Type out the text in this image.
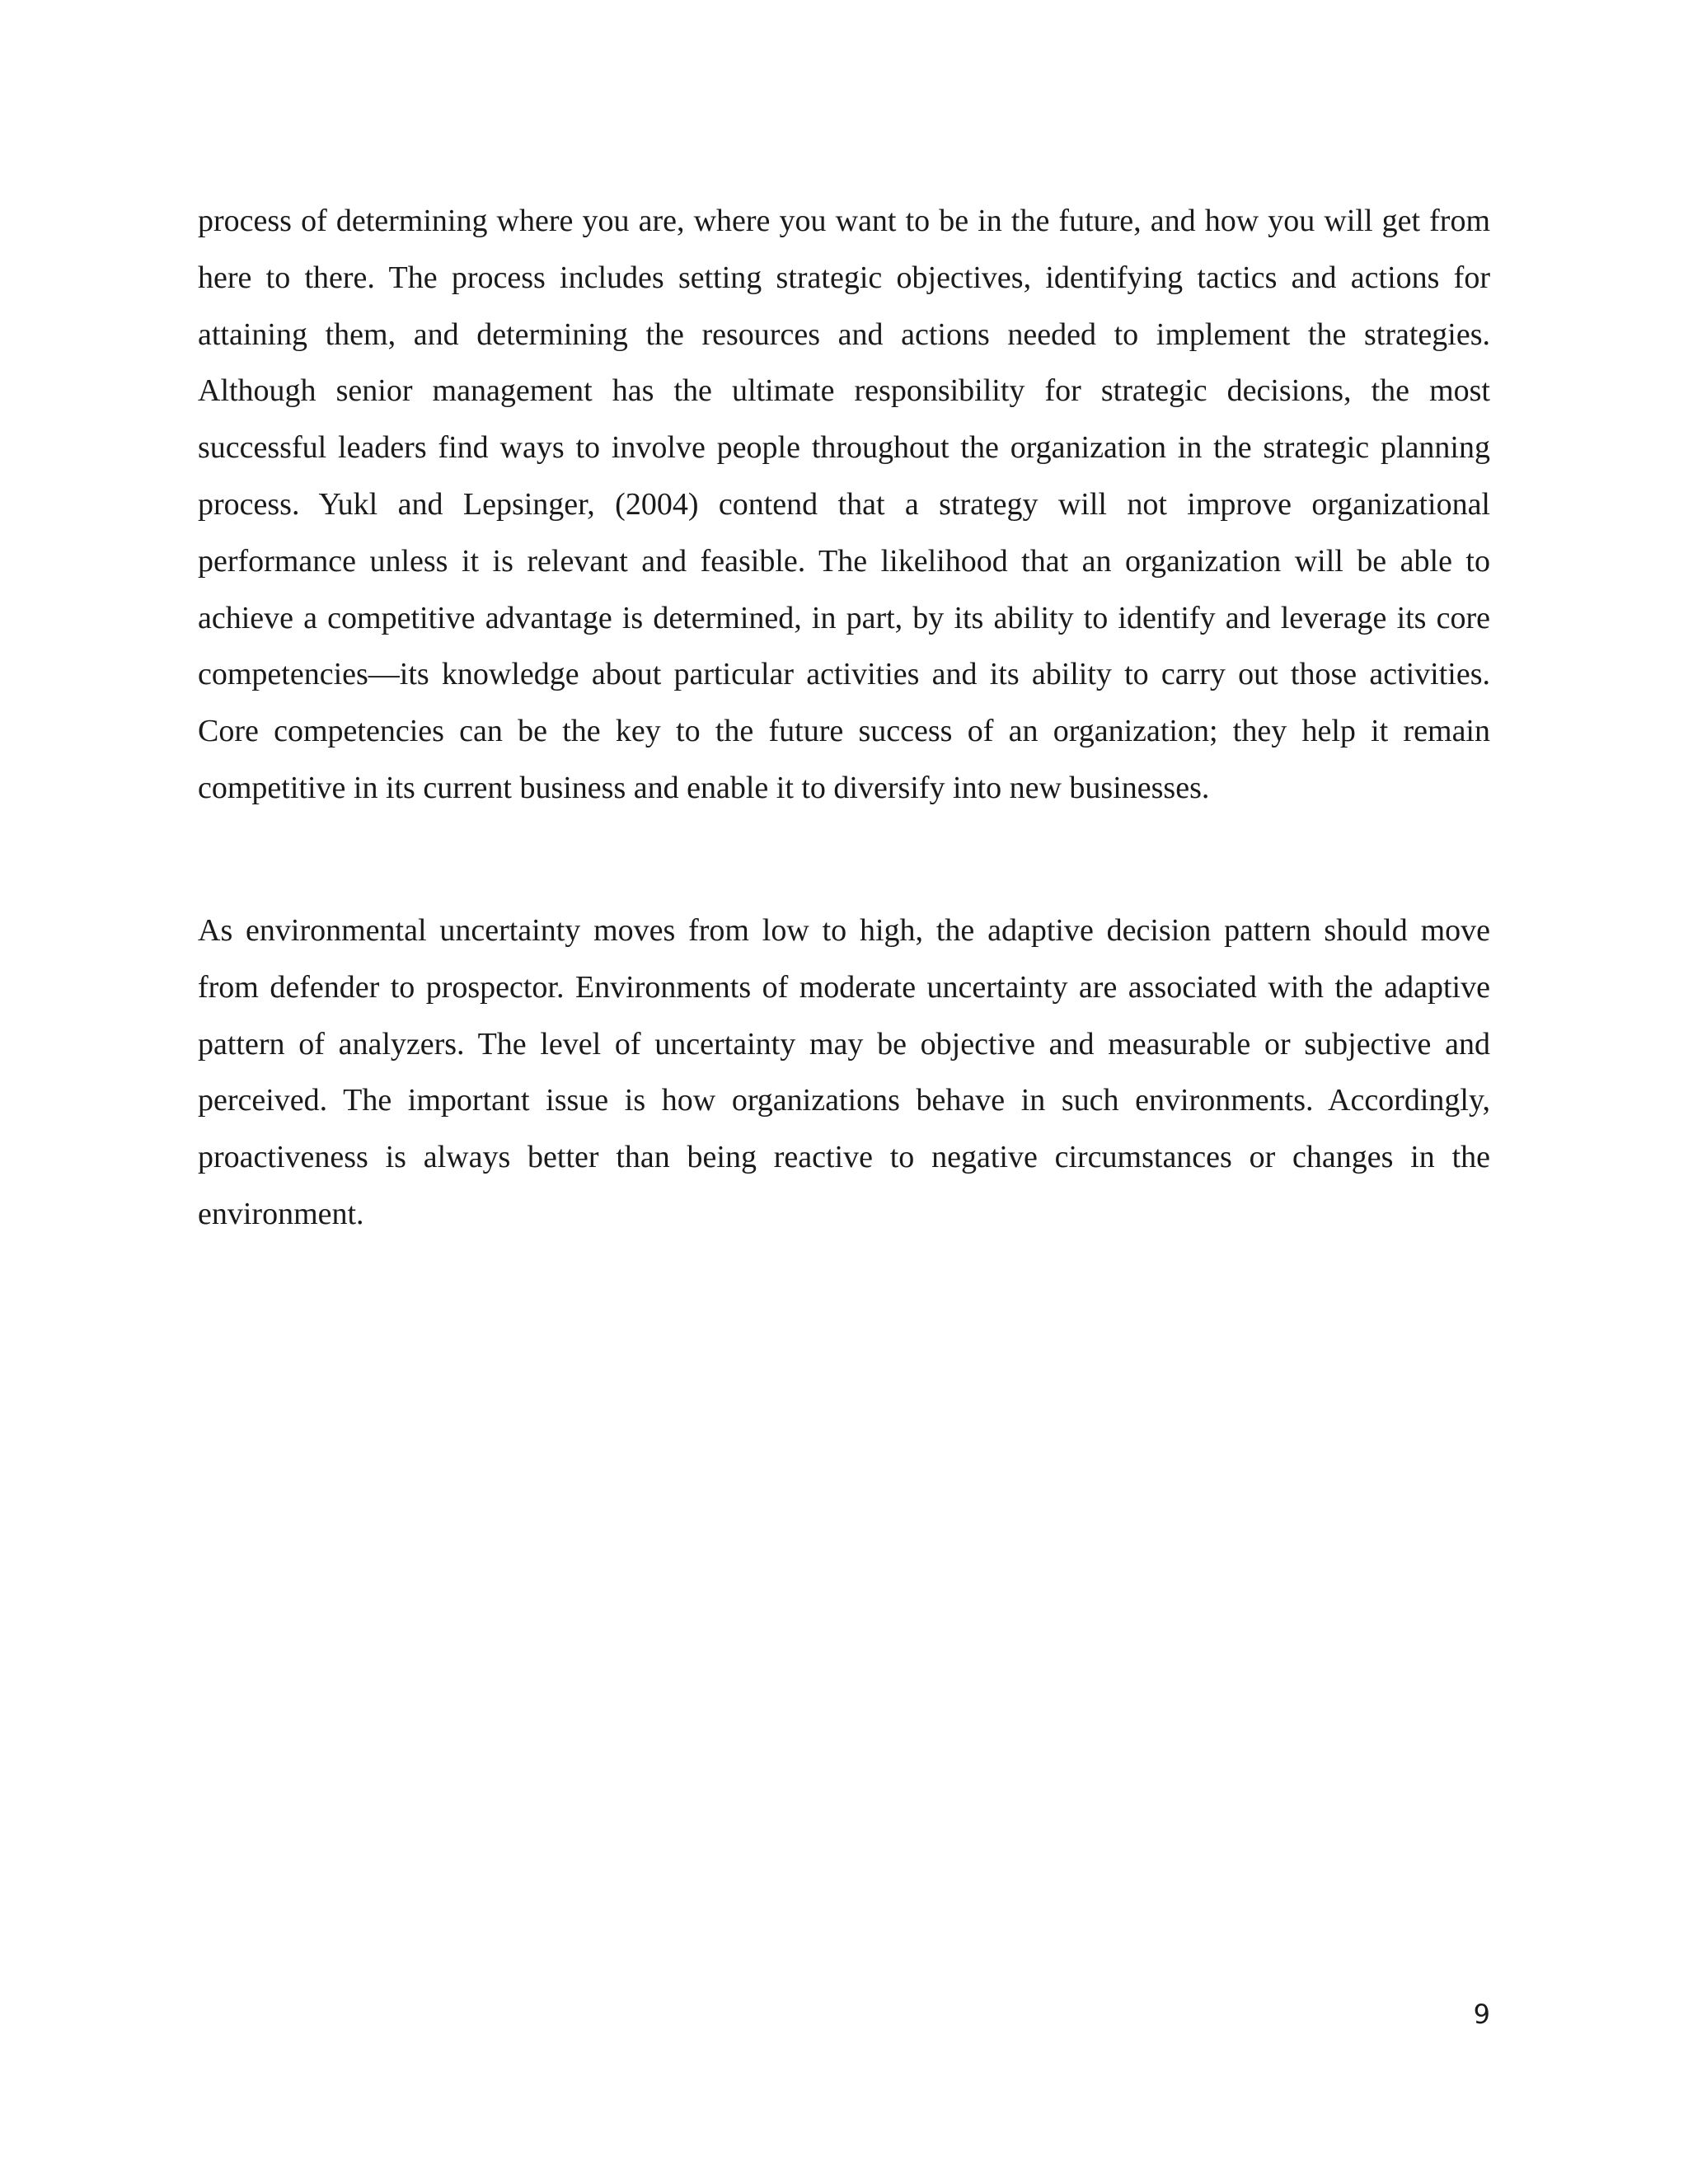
process of determining where you are, where you want to be in the future, and how you will get from here to there. The process includes setting strategic objectives, identifying tactics and actions for attaining them, and determining the resources and actions needed to implement the strategies. Although senior management has the ultimate responsibility for strategic decisions, the most successful leaders find ways to involve people throughout the organization in the strategic planning process. Yukl and Lepsinger, (2004) contend that a strategy will not improve organizational performance unless it is relevant and feasible. The likelihood that an organization will be able to achieve a competitive advantage is determined, in part, by its ability to identify and leverage its core competencies—its knowledge about particular activities and its ability to carry out those activities. Core competencies can be the key to the future success of an organization; they help it remain competitive in its current business and enable it to diversify into new businesses.

As environmental uncertainty moves from low to high, the adaptive decision pattern should move from defender to prospector. Environments of moderate uncertainty are associated with the adaptive pattern of analyzers. The level of uncertainty may be objective and measurable or subjective and perceived. The important issue is how organizations behave in such environments. Accordingly, proactiveness is always better than being reactive to negative circumstances or changes in the environment.

9
